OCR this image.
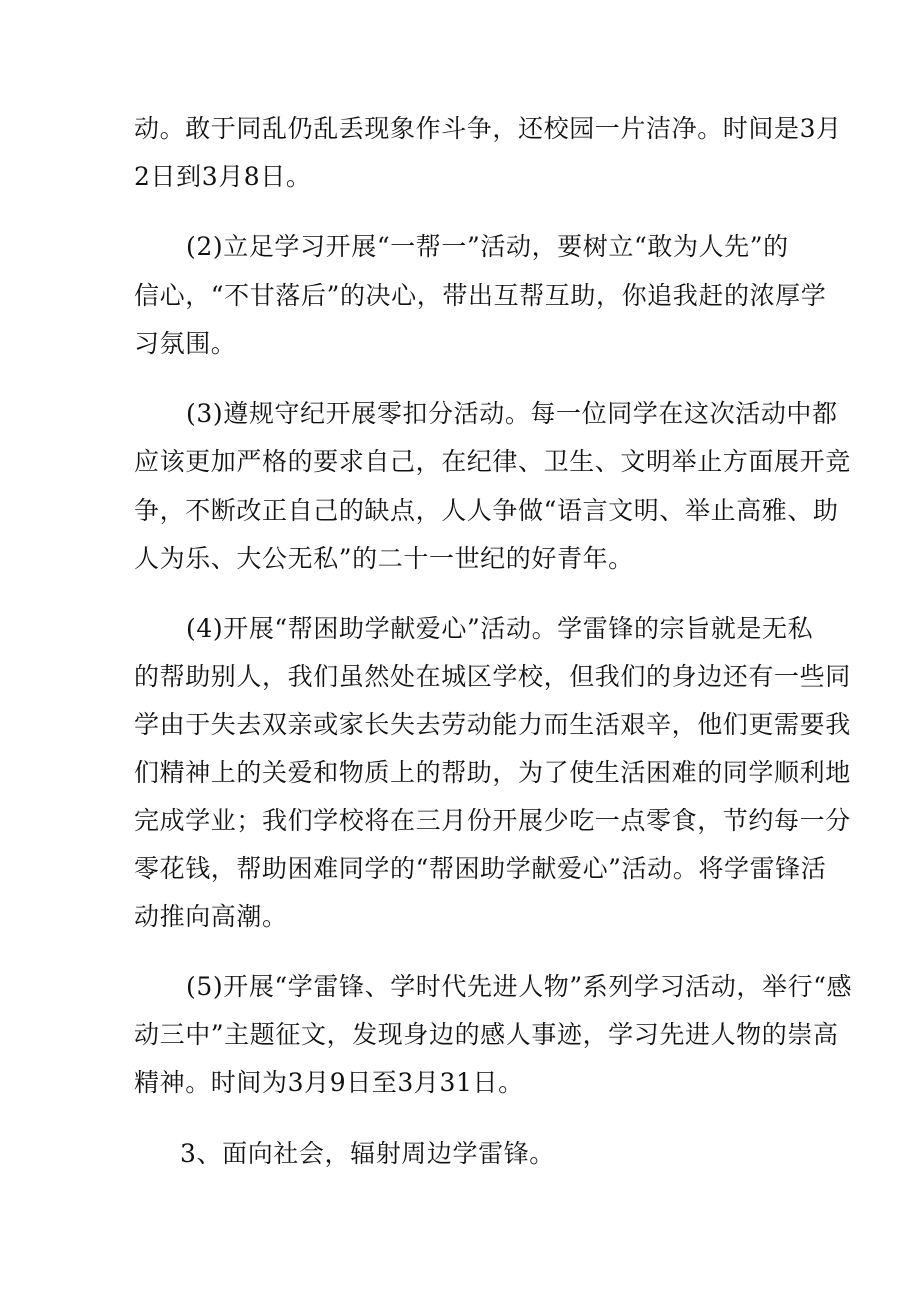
动。敢于同乱仍乱丢现象作斗争，还校园一片洁净。时间是3月
2日到3月8日。
(2)立足学习开展“一帮一”活动，要树立“敢为人先”的
信心，“不甘落后”的决心，带出互帮互助，你追我赶的浓厚学
习氛围。
(3)遵规守纪开展零扣分活动。每一位同学在这次活动中都
应该更加严格的要求自己，在纪律、卫生、文明举止方面展开竞
争，不断改正自己的缺点，人人争做“语言文明、举止高雅、助
人为乐、大公无私”的二十一世纪的好青年。
(4)开展“帮困助学献爱心”活动。学雷锋的宗旨就是无私
的帮助别人，我们虽然处在城区学校，但我们的身边还有一些同
学由于失去双亲或家长失去劳动能力而生活艰辛，他们更需要我
们精神上的关爱和物质上的帮助，为了使生活困难的同学顺利地
完成学业；我们学校将在三月份开展少吃一点零食，节约每一分
零花钱，帮助困难同学的“帮困助学献爱心”活动。将学雷锋活
动推向高潮。
(5)开展“学雷锋、学时代先进人物”系列学习活动，举行“感
动三中”主题征文，发现身边的感人事迹，学习先进人物的崇高
精神。时间为3月9日至3月31日。
3、面向社会，辐射周边学雷锋。
